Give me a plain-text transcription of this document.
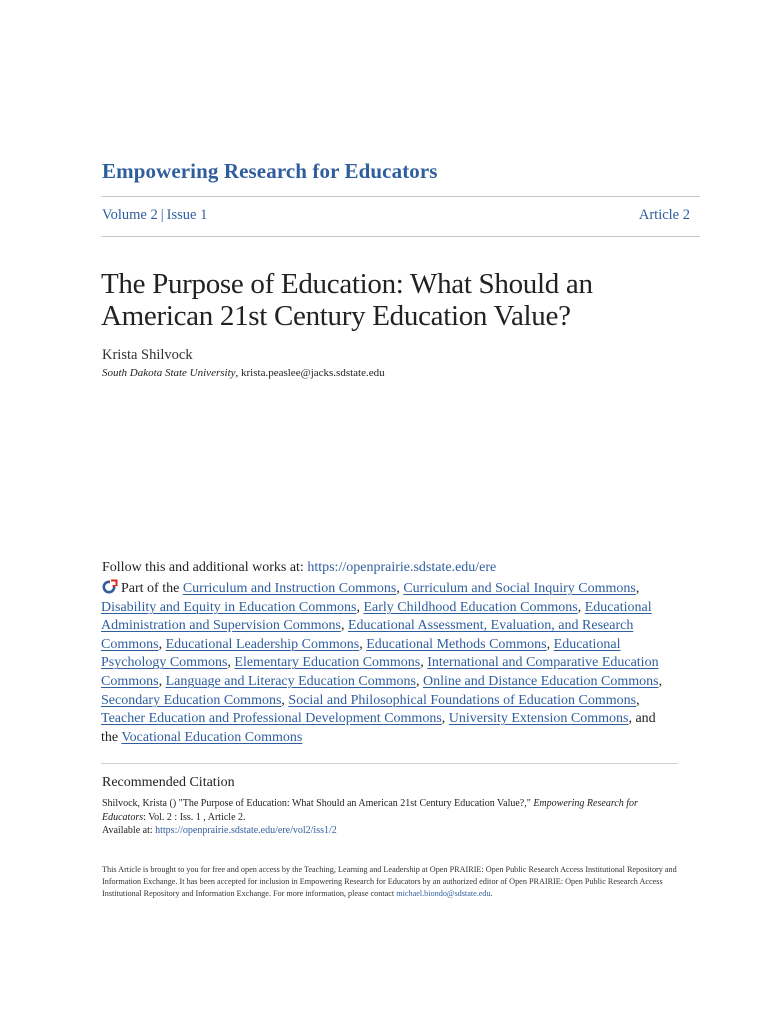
Empowering Research for Educators
Volume 2 | Issue 1	Article 2
The Purpose of Education: What Should an
American 21st Century Education Value?
Krista Shilvock
South Dakota State University, krista.peaslee@jacks.sdstate.edu
Follow this and additional works at: https://openprairie.sdstate.edu/ere
Part of the Curriculum and Instruction Commons, Curriculum and Social Inquiry Commons, Disability and Equity in Education Commons, Early Childhood Education Commons, Educational Administration and Supervision Commons, Educational Assessment, Evaluation, and Research Commons, Educational Leadership Commons, Educational Methods Commons, Educational Psychology Commons, Elementary Education Commons, International and Comparative Education Commons, Language and Literacy Education Commons, Online and Distance Education Commons, Secondary Education Commons, Social and Philosophical Foundations of Education Commons, Teacher Education and Professional Development Commons, University Extension Commons, and the Vocational Education Commons
Recommended Citation
Shilvock, Krista () "The Purpose of Education: What Should an American 21st Century Education Value?," Empowering Research for Educators: Vol. 2 : Iss. 1 , Article 2.
Available at: https://openprairie.sdstate.edu/ere/vol2/iss1/2
This Article is brought to you for free and open access by the Teaching, Learning and Leadership at Open PRAIRIE: Open Public Research Access Institutional Repository and Information Exchange. It has been accepted for inclusion in Empowering Research for Educators by an authorized editor of Open PRAIRIE: Open Public Research Access Institutional Repository and Information Exchange. For more information, please contact michael.biondo@sdstate.edu.
